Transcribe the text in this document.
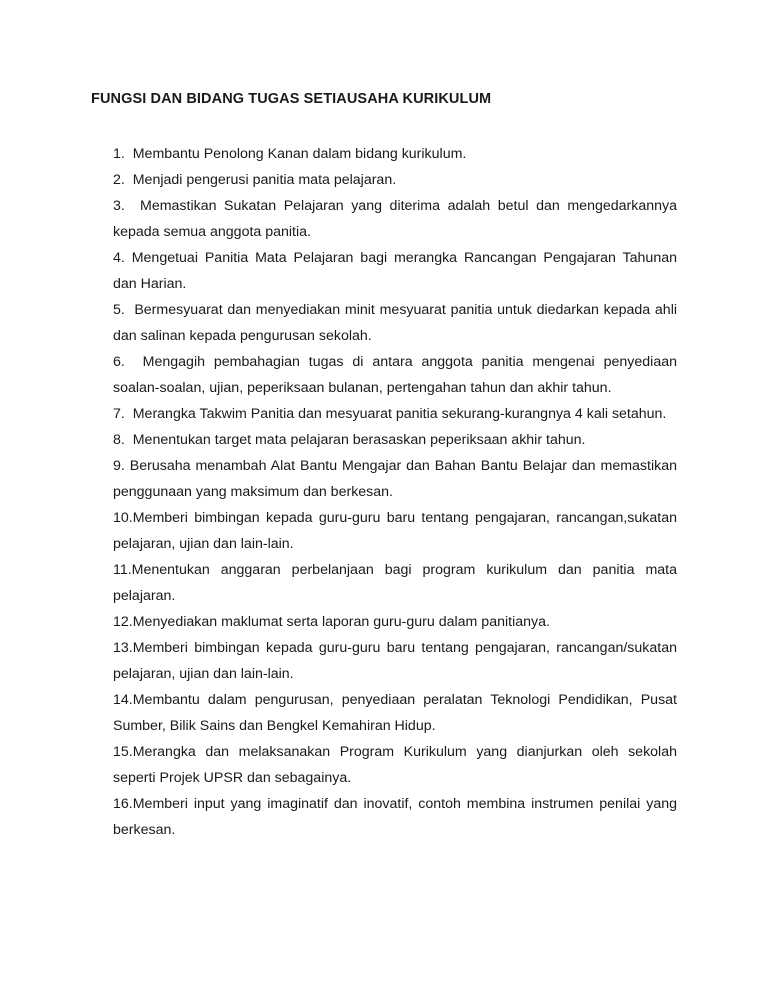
FUNGSI DAN BIDANG TUGAS SETIAUSAHA KURIKULUM
1. Membantu Penolong Kanan dalam bidang kurikulum.
2. Menjadi pengerusi panitia mata pelajaran.
3. Memastikan Sukatan Pelajaran yang diterima adalah betul dan mengedarkannya kepada semua anggota panitia.
4. Mengetuai Panitia Mata Pelajaran bagi merangka Rancangan Pengajaran Tahunan dan Harian.
5. Bermesyuarat dan menyediakan minit mesyuarat panitia untuk diedarkan kepada ahli dan salinan kepada pengurusan sekolah.
6. Mengagih pembahagian tugas di antara anggota panitia mengenai penyediaan soalan-soalan, ujian, peperiksaan bulanan, pertengahan tahun dan akhir tahun.
7. Merangka Takwim Panitia dan mesyuarat panitia sekurang-kurangnya 4 kali setahun.
8. Menentukan target mata pelajaran berasaskan peperiksaan akhir tahun.
9. Berusaha menambah Alat Bantu Mengajar dan Bahan Bantu Belajar dan memastikan penggunaan yang maksimum dan berkesan.
10.Memberi bimbingan kepada guru-guru baru tentang pengajaran, rancangan,sukatan pelajaran, ujian dan lain-lain.
11.Menentukan anggaran perbelanjaan bagi program kurikulum dan panitia mata pelajaran.
12.Menyediakan maklumat serta laporan guru-guru dalam panitianya.
13.Memberi bimbingan kepada guru-guru baru tentang pengajaran, rancangan/sukatan pelajaran, ujian dan lain-lain.
14.Membantu dalam pengurusan, penyediaan peralatan Teknologi Pendidikan, Pusat Sumber, Bilik Sains dan Bengkel Kemahiran Hidup.
15.Merangka dan melaksanakan Program Kurikulum yang dianjurkan oleh sekolah seperti Projek UPSR dan sebagainya.
16.Memberi input yang imaginatif dan inovatif, contoh membina instrumen penilai yang berkesan.
